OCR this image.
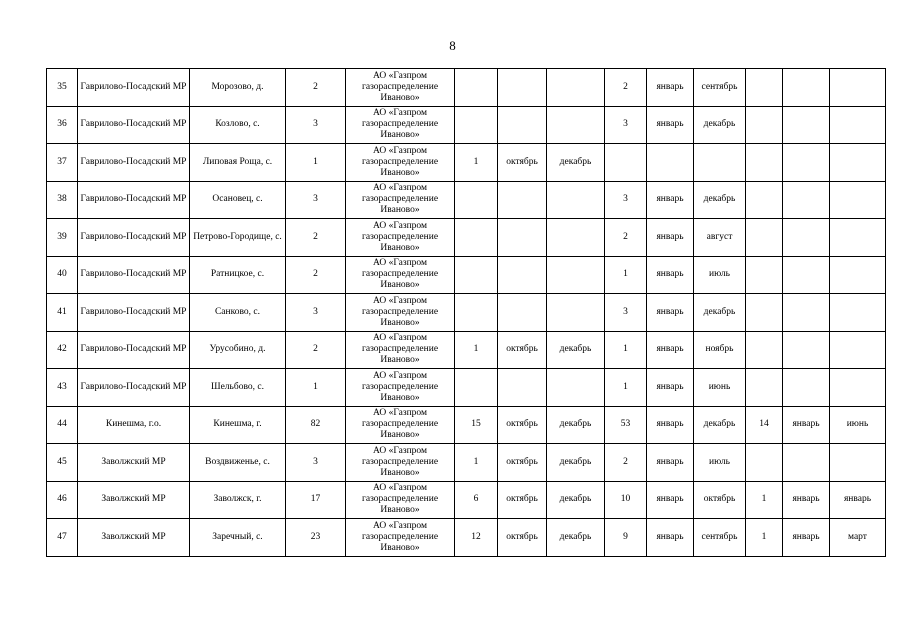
8
35	Гаврилово-Посадский МР	Морозово, д.	2	АО «Газпром газораспределение Иваново»				2	январь	сентябрь			
36	Гаврилово-Посадский МР	Козлово, с.	3	АО «Газпром газораспределение Иваново»				3	январь	декабрь			
37	Гаврилово-Посадский МР	Липовая Роща, с.	1	АО «Газпром газораспределение Иваново»	1	октябрь	декабрь						
38	Гаврилово-Посадский МР	Осановец, с.	3	АО «Газпром газораспределение Иваново»				3	январь	декабрь			
39	Гаврилово-Посадский МР	Петрово-Городище, с.	2	АО «Газпром газораспределение Иваново»				2	январь	август			
40	Гаврилово-Посадский МР	Ратницкое, с.	2	АО «Газпром газораспределение Иваново»				1	январь	июль			
41	Гаврилово-Посадский МР	Санково, с.	3	АО «Газпром газораспределение Иваново»				3	январь	декабрь			
42	Гаврилово-Посадский МР	Урусобино, д.	2	АО «Газпром газораспределение Иваново»	1	октябрь	декабрь	1	январь	ноябрь			
43	Гаврилово-Посадский МР	Шельбово, с.	1	АО «Газпром газораспределение Иваново»				1	январь	июнь			
44	Кинешма, г.о.	Кинешма, г.	82	АО «Газпром газораспределение Иваново»	15	октябрь	декабрь	53	январь	декабрь	14	январь	июнь
45	Заволжский МР	Воздвиженье, с.	3	АО «Газпром газораспределение Иваново»	1	октябрь	декабрь	2	январь	июль			
46	Заволжский МР	Заволжск, г.	17	АО «Газпром газораспределение Иваново»	6	октябрь	декабрь	10	январь	октябрь	1	январь	январь
47	Заволжский МР	Заречный, с.	23	АО «Газпром газораспределение Иваново»	12	октябрь	декабрь	9	январь	сентябрь	1	январь	март
